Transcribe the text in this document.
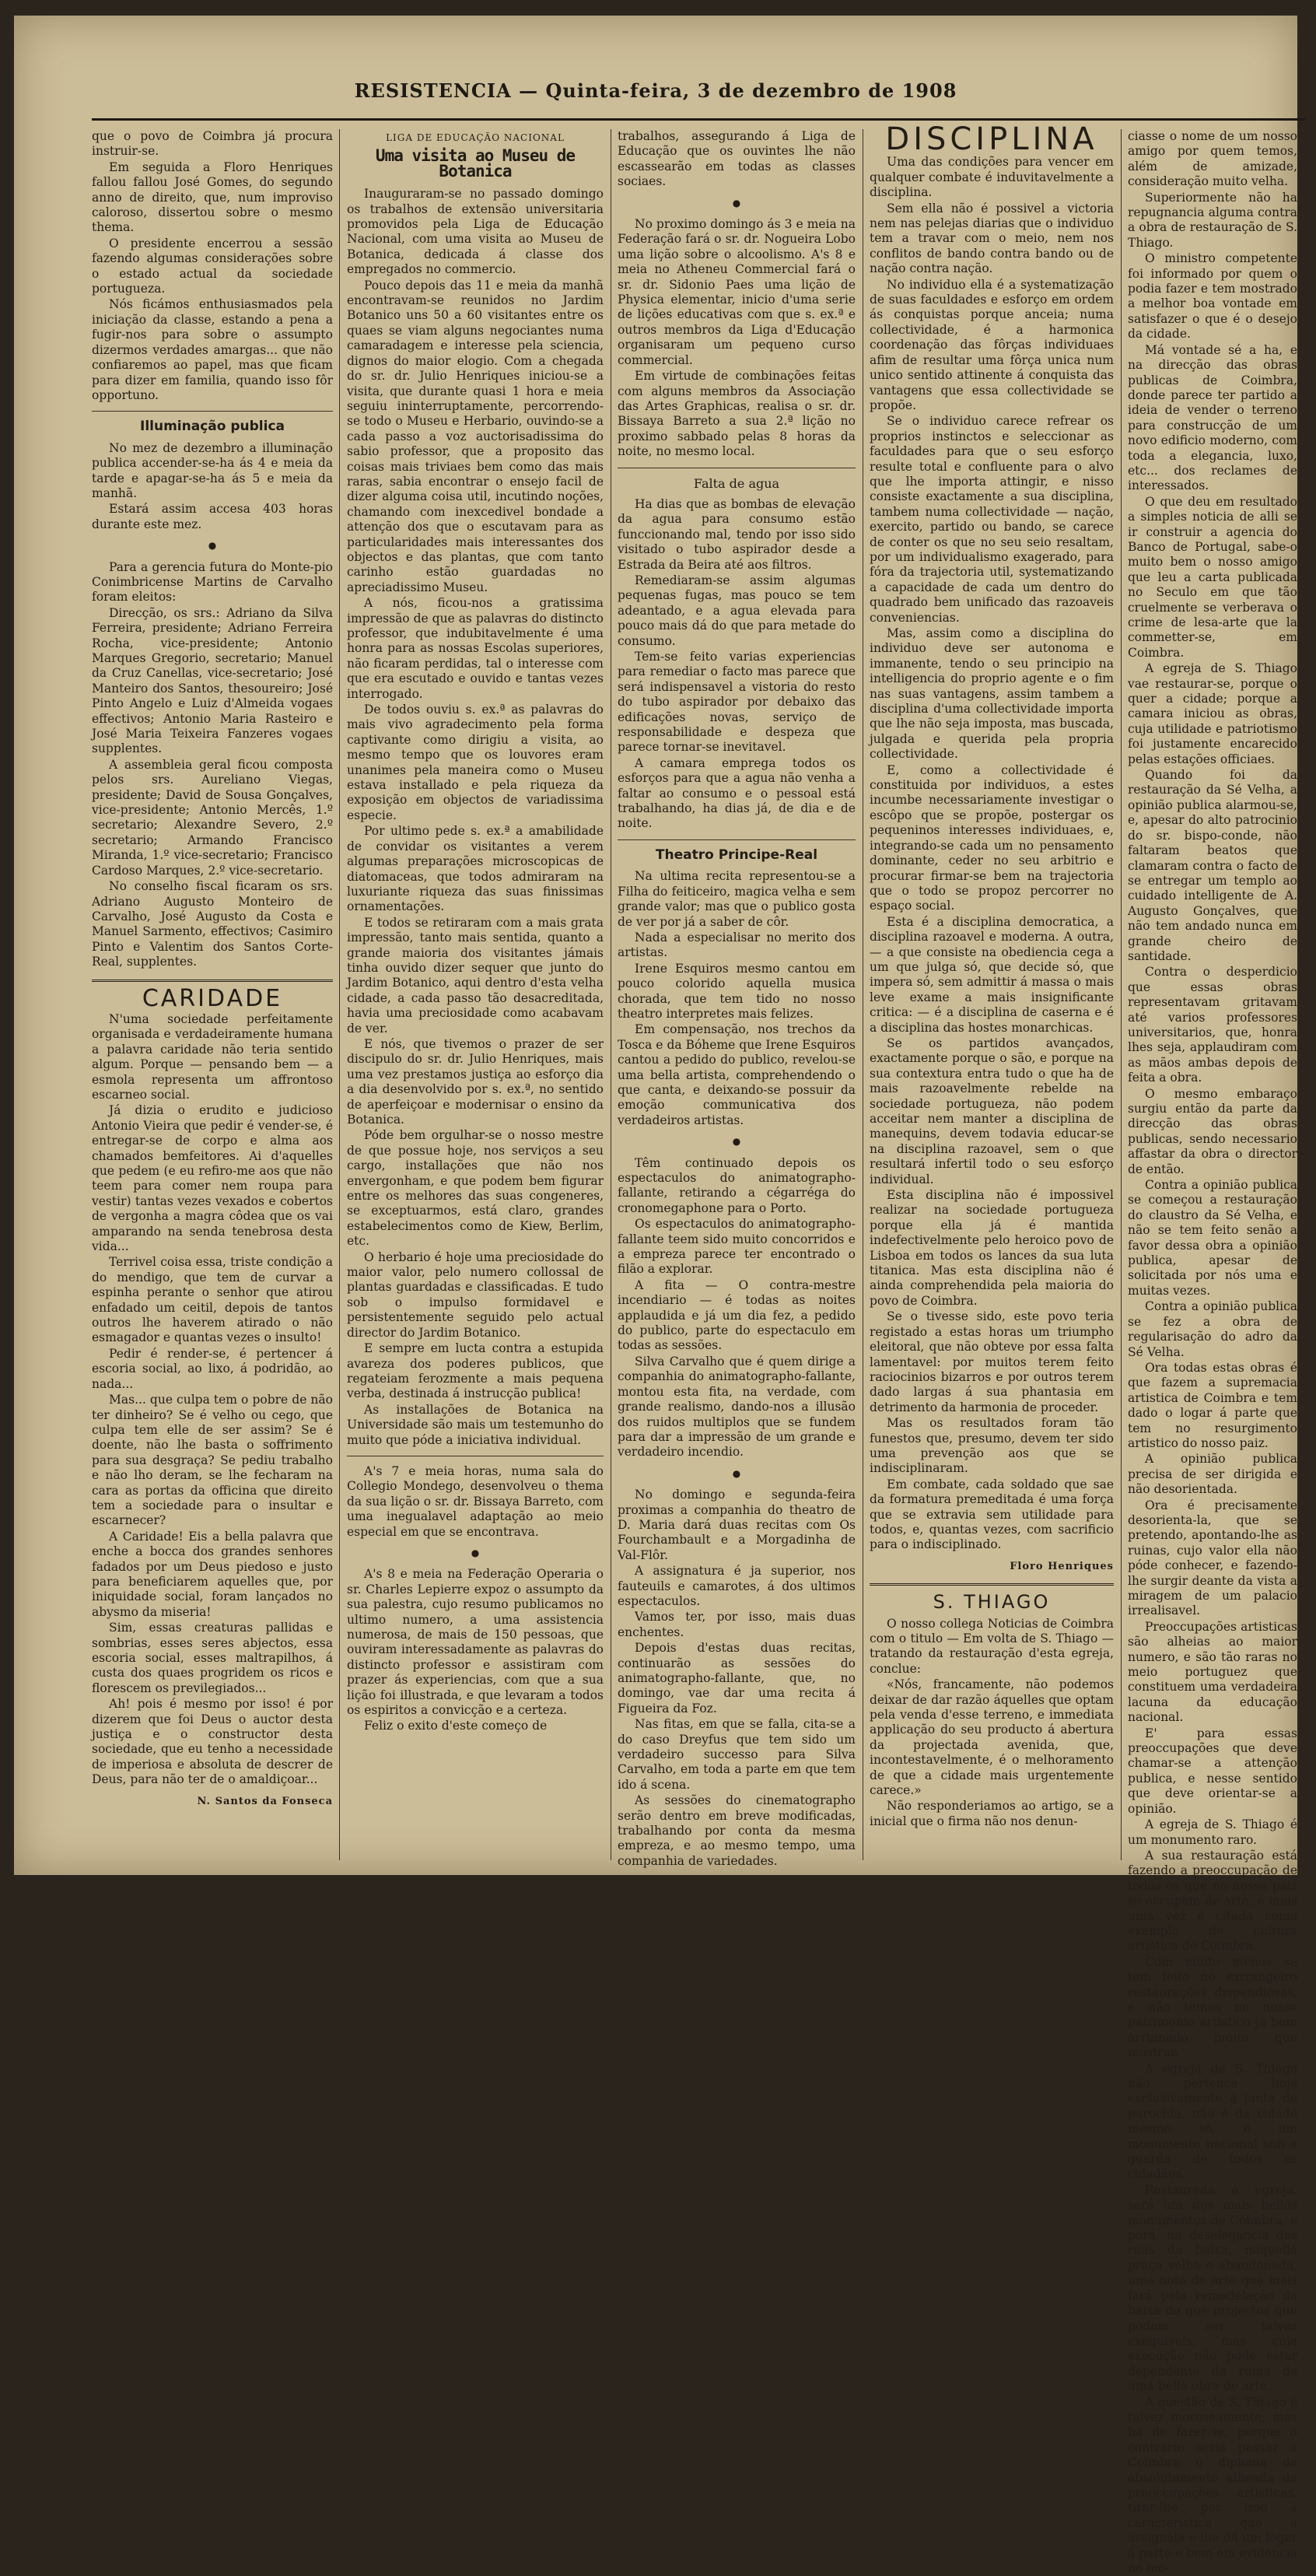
RESISTENCIA — Quinta-feira, 3 de dezembro de 1908

que o povo de Coimbra já procura instruir-se.

Em seguida a Floro Henriques fallou fallou José Gomes, do segundo anno de direito, que, num improviso caloroso, dissertou sobre o mesmo thema.

O presidente encerrou a sessão fazendo algumas considerações sobre o estado actual da sociedade portugueza.

Nós ficámos enthusiasmados pela iniciação da classe, estando a pena a fugir-nos para sobre o assumpto dizermos verdades amargas... que não confiaremos ao papel, mas que ficam para dizer em familia, quando isso fôr opportuno.

Illuminação publica

No mez de dezembro a illuminação publica accender-se-ha ás 4 e meia da tarde e apagar-se-ha ás 5 e meia da manhã.

Estará assim accesa 403 horas durante este mez.

●

Para a gerencia futura do Monte-pio Conimbricense Martins de Carvalho foram eleitos:

Direcção, os srs.: Adriano da Silva Ferreira, presidente; Adriano Ferreira Rocha, vice-presidente; Antonio Marques Gregorio, secretario; Manuel da Cruz Canellas, vice-secretario; José Manteiro dos Santos, thesoureiro; José Pinto Angelo e Luiz d'Almeida vogaes effectivos; Antonio Maria Rasteiro e José Maria Teixeira Fanzeres vogaes supplentes.

A assembleia geral ficou composta pelos srs. Aureliano Viegas, presidente; David de Sousa Gonçalves, vice-presidente; Antonio Mercês, 1.º secretario; Alexandre Severo, 2.º secretario; Armando Francisco Miranda, 1.º vice-secretario; Francisco Cardoso Marques, 2.º vice-secretario.

No conselho fiscal ficaram os srs. Adriano Augusto Monteiro de Carvalho, José Augusto da Costa e Manuel Sarmento, effectivos; Casimiro Pinto e Valentim dos Santos Corte-Real, supplentes.

CARIDADE

N'uma sociedade perfeitamente organisada e verdadeiramente humana a palavra caridade não teria sentido algum. Porque — pensando bem — a esmola representa um affrontoso escarneo social.

Já dizia o erudito e judicioso Antonio Vieira que pedir é vender-se, é entregar-se de corpo e alma aos chamados bemfeitores. Ai d'aquelles que pedem (e eu refiro-me aos que não teem para comer nem roupa para vestir) tantas vezes vexados e cobertos de vergonha a magra côdea que os vai amparando na senda tenebrosa desta vida...

Terrivel coisa essa, triste condição a do mendigo, que tem de curvar a espinha perante o senhor que atirou enfadado um ceitil, depois de tantos outros lhe haverem atirado o não esmagador e quantas vezes o insulto!

Pedir é render-se, é pertencer á escoria social, ao lixo, á podridão, ao nada...

Mas... que culpa tem o pobre de não ter dinheiro? Se é velho ou cego, que culpa tem elle de ser assim? Se é doente, não lhe basta o soffrimento para sua desgraça? Se pediu trabalho e não lho deram, se lhe fecharam na cara as portas da officina que direito tem a sociedade para o insultar e escarnecer?

A Caridade! Eis a bella palavra que enche a bocca dos grandes senhores fadados por um Deus piedoso e justo para beneficiarem aquelles que, por iniquidade social, foram lançados no abysmo da miseria!

Sim, essas creaturas pallidas e sombrias, esses seres abjectos, essa escoria social, esses maltrapilhos, á custa dos quaes progridem os ricos e florescem os previlegiados...

Ah! pois é mesmo por isso! é por dizerem que foi Deus o auctor desta justiça e o constructor desta sociedade, que eu tenho a necessidade de imperiosa e absoluta de descrer de Deus, para não ter de o amaldiçoar...

N. Santos da Fonseca
LIGA DE EDUCAÇÃO NACIONAL
Uma visita ao Museu de Botanica

Inauguraram-se no passado domingo os trabalhos de extensão universitaria promovidos pela Liga de Educação Nacional, com uma visita ao Museu de Botanica, dedicada á classe dos empregados no commercio.

Pouco depois das 11 e meia da manhã encontravam-se reunidos no Jardim Botanico uns 50 a 60 visitantes entre os quaes se viam alguns negociantes numa camaradagem e interesse pela sciencia, dignos do maior elogio. Com a chegada do sr. dr. Julio Henriques iniciou-se a visita, que durante quasi 1 hora e meia seguiu ininterruptamente, percorrendo-se todo o Museu e Herbario, ouvindo-se a cada passo a voz auctorisadissima do sabio professor, que a proposito das coisas mais triviaes bem como das mais raras, sabia encontrar o ensejo facil de dizer alguma coisa util, incutindo noções, chamando com inexcedivel bondade a attenção dos que o escutavam para as particularidades mais interessantes dos objectos e das plantas, que com tanto carinho estão guardadas no apreciadissimo Museu.

A nós, ficou-nos a gratissima impressão de que as palavras do distincto professor, que indubitavelmente é uma honra para as nossas Escolas superiores, não ficaram perdidas, tal o interesse com que era escutado e ouvido e tantas vezes interrogado.

De todos ouviu s. ex.ª as palavras do mais vivo agradecimento pela forma captivante como dirigiu a visita, ao mesmo tempo que os louvores eram unanimes pela maneira como o Museu estava installado e pela riqueza da exposição em objectos de variadissima especie.

Por ultimo pede s. ex.ª a amabilidade de convidar os visitantes a verem algumas preparações microscopicas de diatomaceas, que todos admiraram na luxuriante riqueza das suas finissimas ornamentações.

E todos se retiraram com a mais grata impressão, tanto mais sentida, quanto a grande maioria dos visitantes jámais tinha ouvido dizer sequer que junto do Jardim Botanico, aqui dentro d'esta velha cidade, a cada passo tão desacreditada, havia uma preciosidade como acabavam de ver.

E nós, que tivemos o prazer de ser discipulo do sr. dr. Julio Henriques, mais uma vez prestamos justiça ao esforço dia a dia desenvolvido por s. ex.ª, no sentido de aperfeiçoar e modernisar o ensino da Botanica.

Póde bem orgulhar-se o nosso mestre de que possue hoje, nos serviços a seu cargo, installações que não nos envergonham, e que podem bem figurar entre os melhores das suas congeneres, se exceptuarmos, está claro, grandes estabelecimentos como de Kiew, Berlim, etc.

O herbario é hoje uma preciosidade do maior valor, pelo numero collossal de plantas guardadas e classificadas. E tudo sob o impulso formidavel e persistentemente seguido pelo actual director do Jardim Botanico.

E sempre em lucta contra a estupida avareza dos poderes publicos, que regateiam ferozmente a mais pequena verba, destinada á instrucção publica!

As installações de Botanica na Universidade são mais um testemunho do muito que póde a iniciativa individual.

A's 7 e meia horas, numa sala do Collegio Mondego, desenvolveu o thema da sua lição o sr. dr. Bissaya Barreto, com uma inegualavel adaptação ao meio especial em que se encontrava.

●

A's 8 e meia na Federação Operaria o sr. Charles Lepierre expoz o assumpto da sua palestra, cujo resumo publicamos no ultimo numero, a uma assistencia numerosa, de mais de 150 pessoas, que ouviram interessadamente as palavras do distincto professor e assistiram com prazer ás experiencias, com que a sua lição foi illustrada, e que levaram a todos os espiritos a convicção e a certeza.

Feliz o exito d'este começo de

trabalhos, assegurando á Liga de Educação que os ouvintes lhe não escassearão em todas as classes sociaes.

●

No proximo domingo ás 3 e meia na Federação fará o sr. dr. Nogueira Lobo uma lição sobre o alcoolismo. A's 8 e meia no Atheneu Commercial fará o sr. dr. Sidonio Paes uma lição de Physica elementar, inicio d'uma serie de lições educativas com que s. ex.ª e outros membros da Liga d'Educação organisaram um pequeno curso commercial.

Em virtude de combinações feitas com alguns membros da Associação das Artes Graphicas, realisa o sr. dr. Bissaya Barreto a sua 2.ª lição no proximo sabbado pelas 8 horas da noite, no mesmo local.

Falta de agua

Ha dias que as bombas de elevação da agua para consumo estão funccionando mal, tendo por isso sido visitado o tubo aspirador desde a Estrada da Beira até aos filtros.

Remediaram-se assim algumas pequenas fugas, mas pouco se tem adeantado, e a agua elevada para pouco mais dá do que para metade do consumo.

Tem-se feito varias experiencias para remediar o facto mas parece que será indispensavel a vistoria do resto do tubo aspirador por debaixo das edificações novas, serviço de responsabilidade e despeza que parece tornar-se inevitavel.

A camara emprega todos os esforços para que a agua não venha a faltar ao consumo e o pessoal está trabalhando, ha dias já, de dia e de noite.

Theatro Principe-Real

Na ultima recita representou-se a Filha do feiticeiro, magica velha e sem grande valor; mas que o publico gosta de ver por já a saber de côr.

Nada a especialisar no merito dos artistas.

Irene Esquiros mesmo cantou em pouco colorido aquella musica chorada, que tem tido no nosso theatro interpretes mais felizes.

Em compensação, nos trechos da Tosca e da Bóheme que Irene Esquiros cantou a pedido do publico, revelou-se uma bella artista, comprehendendo o que canta, e deixando-se possuir da emoção communicativa dos verdadeiros artistas.

●

Têm continuado depois os espectaculos do animatographo-fallante, retirando a cégarréga do cronomegaphone para o Porto.

Os espectaculos do animatographo-fallante teem sido muito concorridos e a empreza parece ter encontrado o filão a explorar.

A fita — O contra-mestre incendiario — é todas as noites applaudida e já um dia fez, a pedido do publico, parte do espectaculo em todas as sessões.

Silva Carvalho que é quem dirige a companhia do animatographo-fallante, montou esta fita, na verdade, com grande realismo, dando-nos a illusão dos ruidos multiplos que se fundem para dar a impressão de um grande e verdadeiro incendio.

●

No domingo e segunda-feira proximas a companhia do theatro de D. Maria dará duas recitas com Os Fourchambault e a Morgadinha de Val-Flôr.

A assignatura é ja superior, nos fauteuils e camarotes, á dos ultimos espectaculos.

Vamos ter, por isso, mais duas enchentes.

Depois d'estas duas recitas, continuarão as sessões do animatographo-fallante, que, no domingo, vae dar uma recita á Figueira da Foz.

Nas fitas, em que se falla, cita-se a do caso Dreyfus que tem sido um verdadeiro successo para Silva Carvalho, em toda a parte em que tem ido á scena.

As sessões do cinematographo serão dentro em breve modificadas, trabalhando por conta da mesma empreza, e ao mesmo tempo, uma companhia de variedades.

DISCIPLINA

Uma das condições para vencer em qualquer combate é induvitavelmente a disciplina.

Sem ella não é possivel a victoria nem nas pelejas diarias que o individuo tem a travar com o meio, nem nos conflitos de bando contra bando ou de nação contra nação.

No individuo ella é a systematização de suas faculdades e esforço em ordem ás conquistas porque anceia; numa collectividade, é a harmonica coordenação das fôrças individuaes afim de resultar uma fôrça unica num unico sentido attinente á conquista das vantagens que essa collectividade se propõe.

Se o individuo carece refrear os proprios instinctos e seleccionar as faculdades para que o seu esforço resulte total e confluente para o alvo que lhe importa attingir, e nisso consiste exactamente a sua disciplina, tambem numa collectividade — nação, exercito, partido ou bando, se carece de conter os que no seu seio resaltam, por um individualismo exagerado, para fóra da trajectoria util, systematizando a capacidade de cada um dentro do quadrado bem unificado das razoaveis conveniencias.

Mas, assim como a disciplina do individuo deve ser autonoma e immanente, tendo o seu principio na intelligencia do proprio agente e o fim nas suas vantagens, assim tambem a disciplina d'uma collectividade importa que lhe não seja imposta, mas buscada, julgada e querida pela propria collectividade.

E, como a collectividade é constituida por individuos, a estes incumbe necessariamente investigar o escôpo que se propõe, postergar os pequeninos interesses individuaes, e, integrando-se cada um no pensamento dominante, ceder no seu arbitrio e procurar firmar-se bem na trajectoria que o todo se propoz percorrer no espaço social.

Esta é a disciplina democratica, a disciplina razoavel e moderna. A outra, — a que consiste na obediencia cega a um que julga só, que decide só, que impera só, sem admittir á massa o mais leve exame a mais insignificante critica: — é a disciplina de caserna e é a disciplina das hostes monarchicas.

Se os partidos avançados, exactamente porque o são, e porque na sua contextura entra tudo o que ha de mais razoavelmente rebelde na sociedade portugueza, não podem acceitar nem manter a disciplina de manequins, devem todavia educar-se na disciplina razoavel, sem o que resultará infertil todo o seu esforço individual.

Esta disciplina não é impossivel realizar na sociedade portugueza porque ella já é mantida indefectivelmente pelo heroico povo de Lisboa em todos os lances da sua luta titanica. Mas esta disciplina não é ainda comprehendida pela maioria do povo de Coimbra.

Se o tivesse sido, este povo teria registado a estas horas um triumpho eleitoral, que não obteve por essa falta lamentavel: por muitos terem feito raciocinios bizarros e por outros terem dado largas á sua phantasia em detrimento da harmonia de proceder.

Mas os resultados foram tão funestos que, presumo, devem ter sido uma prevenção aos que se indisciplinaram.

Em combate, cada soldado que sae da formatura premeditada é uma força que se extravia sem utilidade para todos, e, quantas vezes, com sacrificio para o indisciplinado.

Floro Henriques
S. THIAGO

O nosso collega Noticias de Coimbra com o titulo — Em volta de S. Thiago — tratando da restauração d'esta egreja, conclue:

«Nós, francamente, não podemos deixar de dar razão áquelles que optam pela venda d'esse terreno, e immediata applicação do seu producto á abertura da projectada avenida, que, incontestavelmente, é o melhoramento de que a cidade mais urgentemente carece.»

Não responderiamos ao artigo, se a inicial que o firma não nos denun-

ciasse o nome de um nosso amigo por quem temos, além de amizade, consideração muito velha.

Superiormente não ha repugnancia alguma contra a obra de restauração de S. Thiago.

O ministro competente foi informado por quem o podia fazer e tem mostrado a melhor boa vontade em satisfazer o que é o desejo da cidade.

Má vontade sé a ha, e na direcção das obras publicas de Coimbra, donde parece ter partido a ideia de vender o terreno para construcção de um novo edificio moderno, com toda a elegancia, luxo, etc... dos reclames de interessados.

O que deu em resultado a simples noticia de alli se ir construir a agencia do Banco de Portugal, sabe-o muito bem o nosso amigo que leu a carta publicada no Seculo em que tão cruelmente se verberava o crime de lesa-arte que la commetter-se, em Coimbra.

A egreja de S. Thiago vae restaurar-se, porque o quer a cidade; porque a camara iniciou as obras, cuja utilidade e patriotismo foi justamente encarecido pelas estações officiaes.

Quando foi da restauração da Sé Velha, a opinião publica alarmou-se, e, apesar do alto patrocinio do sr. bispo-conde, não faltaram beatos que clamaram contra o facto de se entregar um templo ao cuidado intelligente de A. Augusto Gonçalves, que não tem andado nunca em grande cheiro de santidade.

Contra o desperdicio que essas obras representavam gritavam até varios professores universitarios, que, honra lhes seja, applaudiram com as mãos ambas depois de feita a obra.

O mesmo embaraço surgiu então da parte da direcção das obras publicas, sendo necessario affastar da obra o director de então.

Contra a opinião publica se começou a restauração do claustro da Sé Velha, e não se tem feito senão a favor dessa obra a opinião publica, apesar de solicitada por nós uma e muitas vezes.

Contra a opinião publica se fez a obra de regularisação do adro da Sé Velha.

Ora todas estas obras é que fazem a supremacia artistica de Coimbra e tem dado o logar á parte que tem no resurgimento artistico do nosso paiz.

A opinião publica precisa de ser dirigida e não desorientada.

Ora é precisamente desorienta-la, que se pretendo, apontando-lhe as ruinas, cujo valor ella não póde conhecer, e fazendo-lhe surgir deante da vista a miragem de um palacio irrealisavel.

Preoccupações artisticas são alheias ao maior numero, e são tão raras no meio portuguez que constituem uma verdadeira lacuna da educação nacional.

E' para essas preoccupações que deve chamar-se a attenção publica, e nesse sentido que deve orientar-se a opinião.

A egreja de S. Thiago é um monumento raro.

A sua restauração está fazendo a preoccupação de todos os que no nosso paiz se occupam de arte, e mais uma vez é citada como exemplo de cultura artistica de Coimbra.

Com muito menos se tem feito no extrangeiro restaurações dispendiosas, e não temos no nosso patrimonio artistico já bem arruinado muito que mostrar.

A egreja de S. Thiago não pertence hoje exclusivamente á junta de parochia, não é da cidade mesmo só, é um monumento nacional sob a guarda de todos os cidadãos.

Restaurada a egreja, será um dos mais bellos monumentos de Coimbra, e porá, na deselegancia das ruas da baixa, naquella praça velha e abandonada, uma nota de arte que mais fará pela remodelação da baixa do que projectos que podem ser talvez exequiveis, mas cuja execução não póde estar dependente da ruina de uma bella obra de arte.

A questão de S. Thiago é talvez moroseamente; mas ha de fazer-se, porque o contrario seria passar a Coimbra o diploma de absolutamente alheada de preoccupações artisticas, tirar-lhe por isso a caracteristica que a assignala e lhe dá um logar á parte e bem em evidencia no mo-
